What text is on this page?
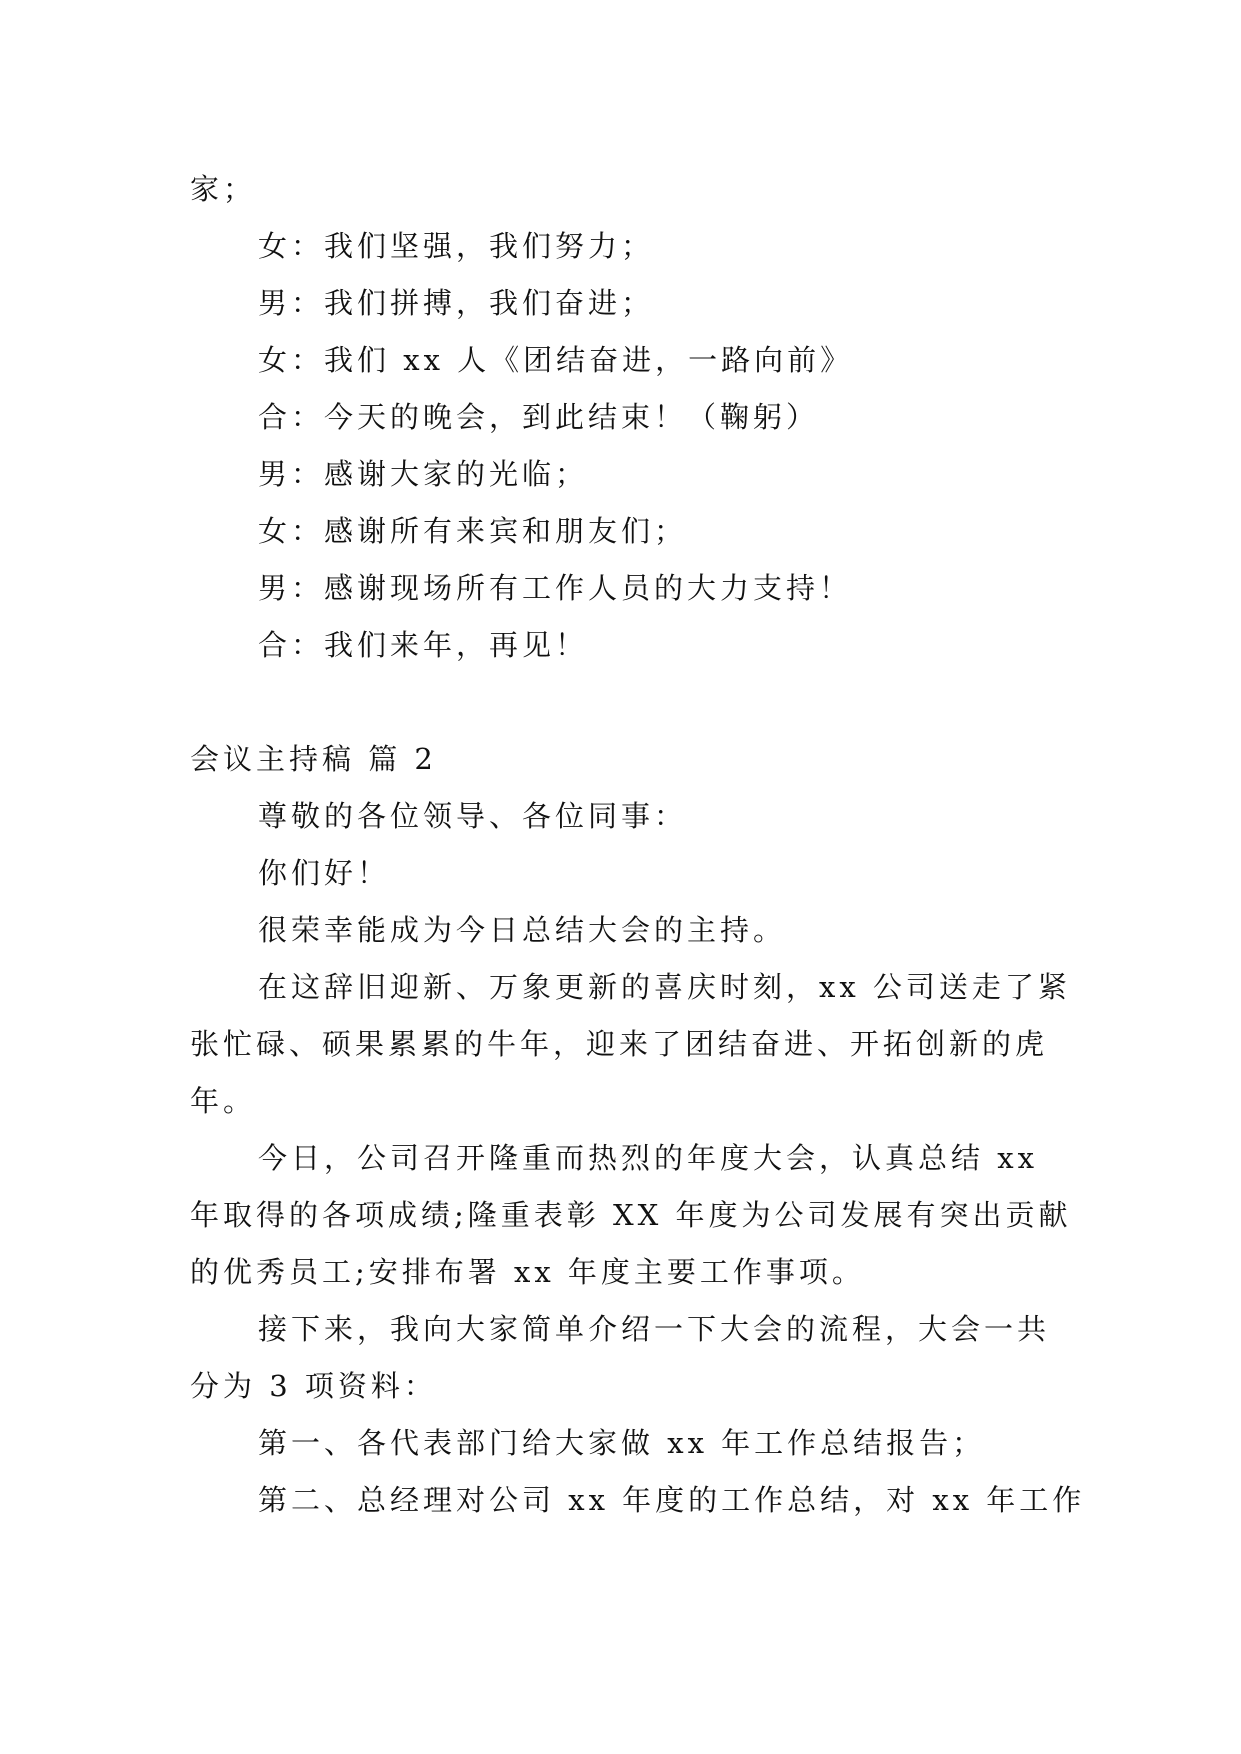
家；
女：我们坚强，我们努力；
男：我们拼搏，我们奋进；
女：我们 xx 人《团结奋进，一路向前》
合：今天的晚会，到此结束！（鞠躬）
男：感谢大家的光临；
女：感谢所有来宾和朋友们；
男：感谢现场所有工作人员的大力支持！
合：我们来年，再见！
会议主持稿 篇 2
尊敬的各位领导、各位同事：
你们好！
很荣幸能成为今日总结大会的主持。
在这辞旧迎新、万象更新的喜庆时刻，xx 公司送走了紧
张忙碌、硕果累累的牛年，迎来了团结奋进、开拓创新的虎
年。
今日，公司召开隆重而热烈的年度大会，认真总结 xx
年取得的各项成绩;隆重表彰 XX 年度为公司发展有突出贡献
的优秀员工;安排布署 xx 年度主要工作事项。
接下来，我向大家简单介绍一下大会的流程，大会一共
分为 3 项资料：
第一、各代表部门给大家做 xx 年工作总结报告；
第二、总经理对公司 xx 年度的工作总结，对 xx 年工作
